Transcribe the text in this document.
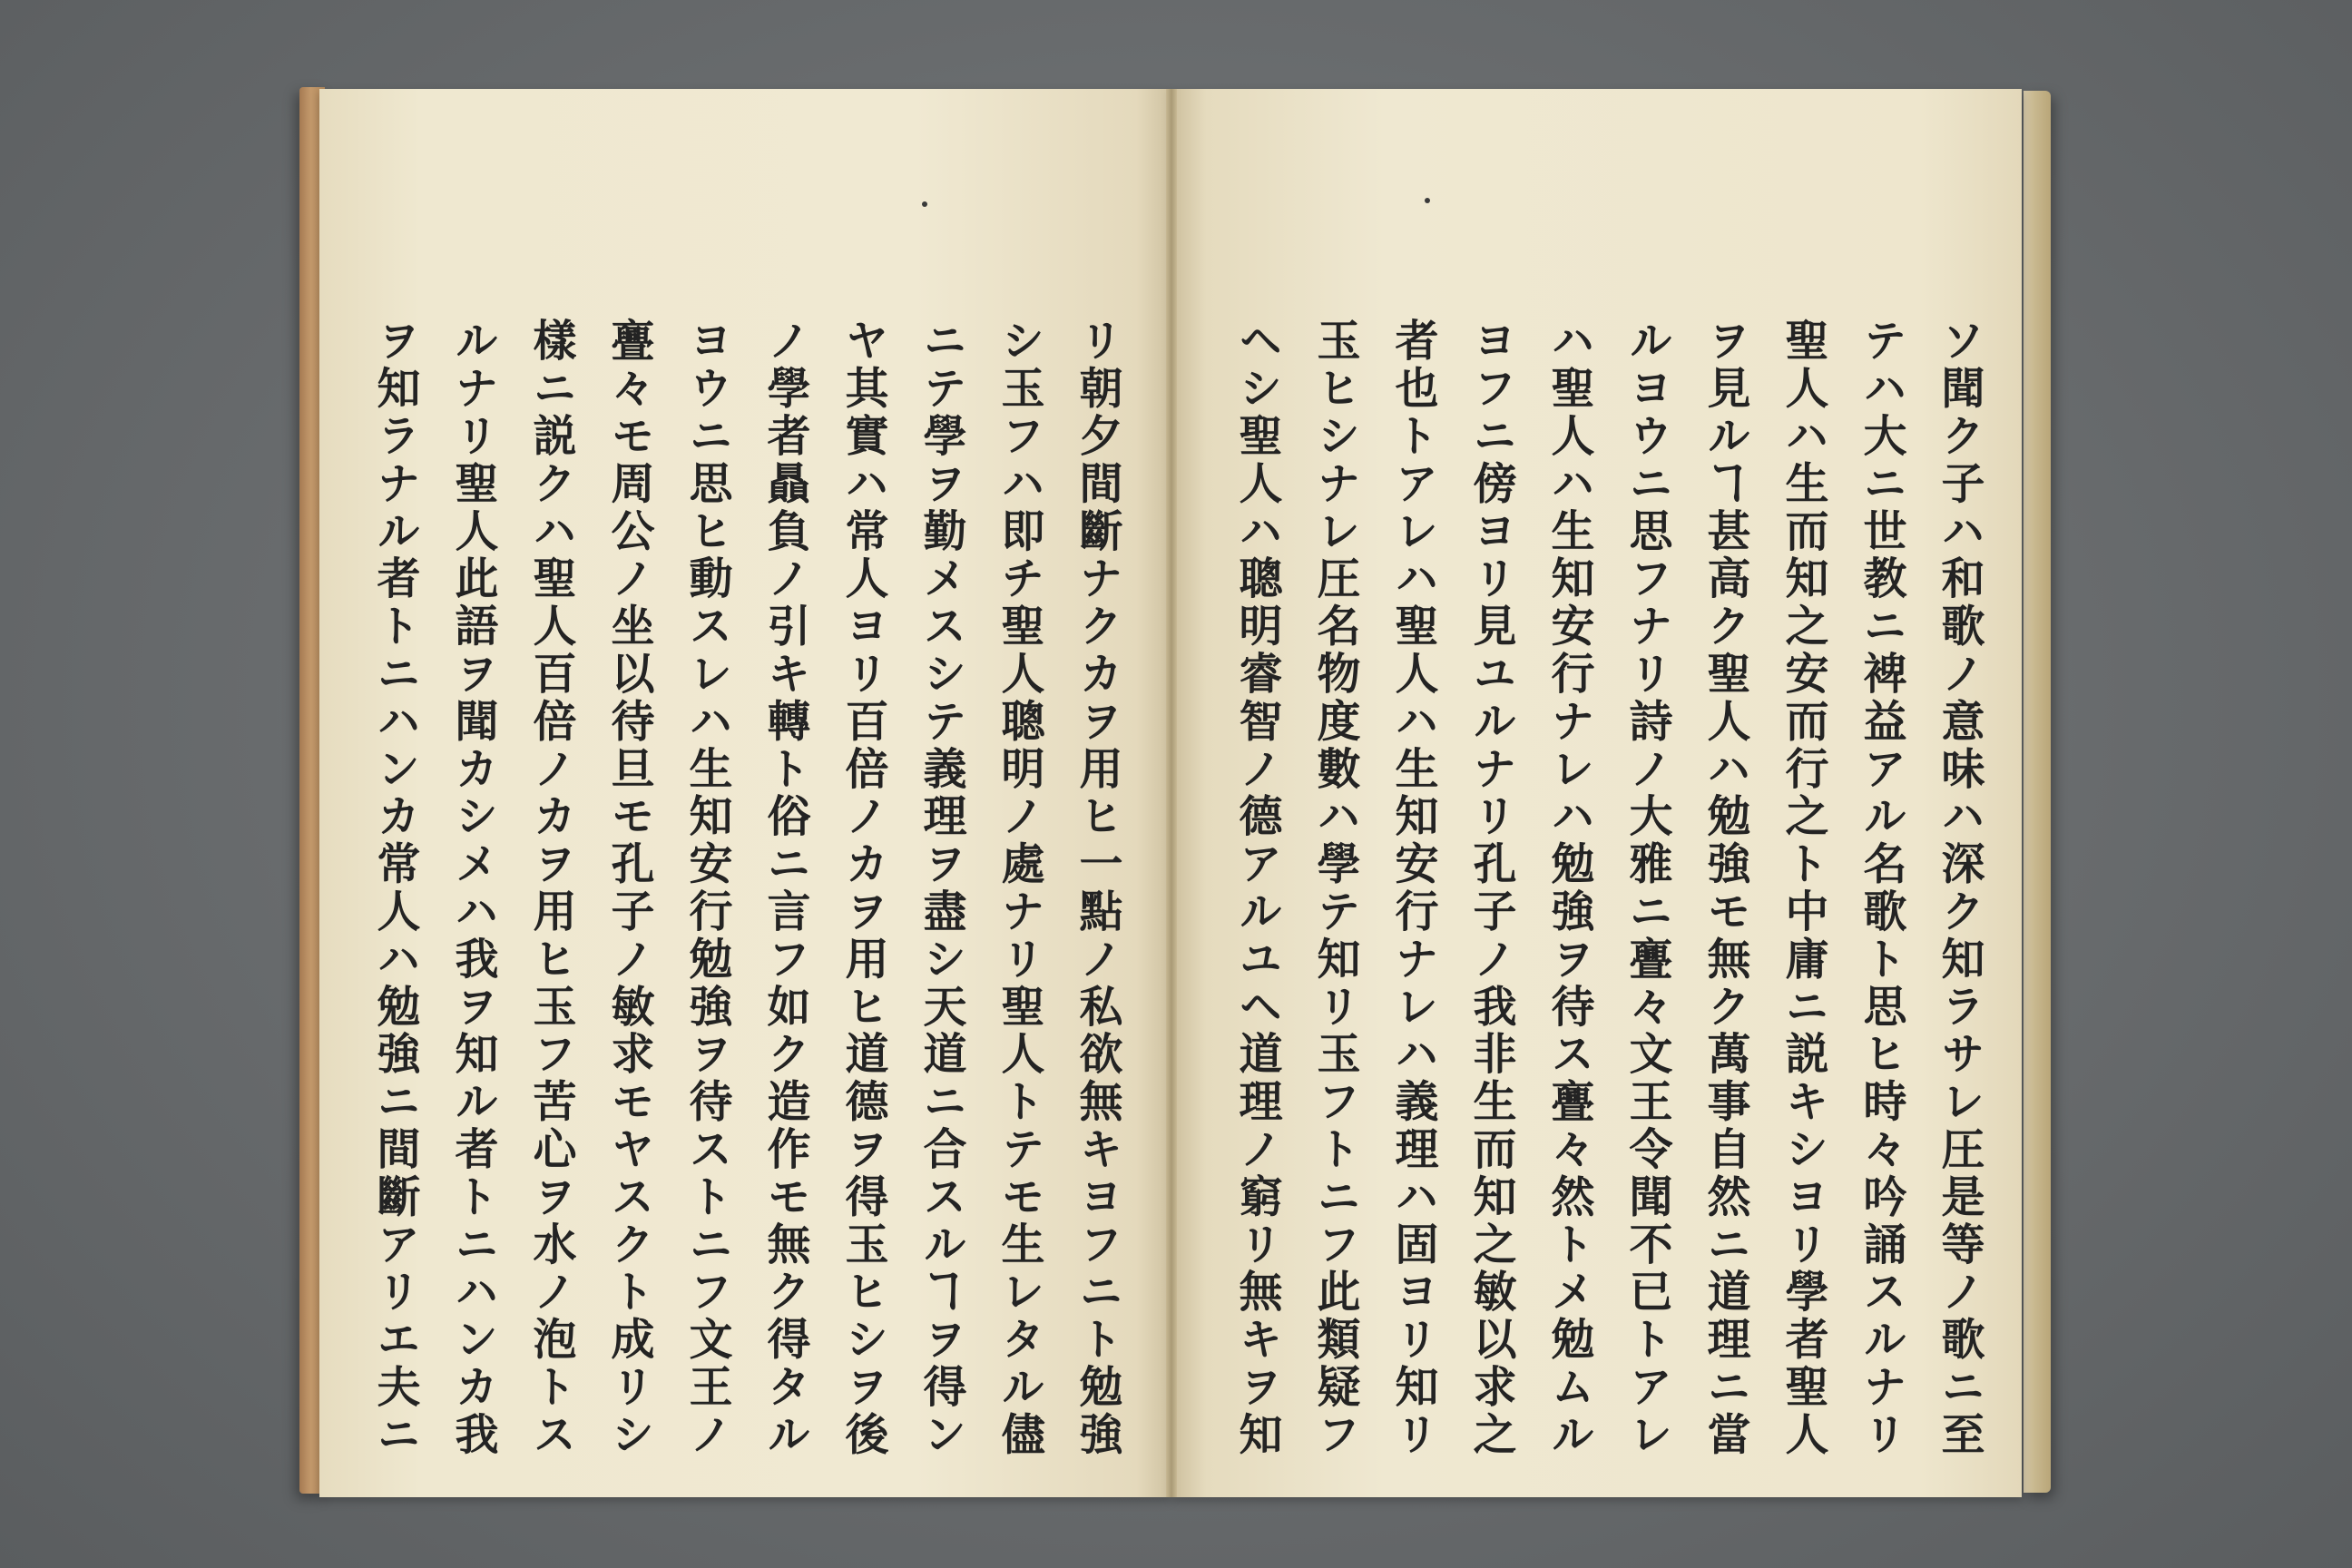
リ朝夕間斷ナクカヲ用ヒ一點ノ私欲無キヨフニト勉強
シ玉フハ即チ聖人聰明ノ處ナリ聖人トテモ生レタル儘
ニテ學ヲ勤メスシテ義理ヲ盡シ天道ニ合スルヿヲ得ン
ヤ其實ハ常人ヨリ百倍ノカヲ用ヒ道德ヲ得玉ヒシヲ後
ノ學者贔負ノ引キ轉ト俗ニ言フ如ク造作モ無ク得タル
ヨウニ思ヒ動スレハ生知安行勉強ヲ待ストニフ文王ノ
亹々モ周公ノ坐以待旦モ孔子ノ敏求モヤスクト成リシ
樣ニ説クハ聖人百倍ノカヲ用ヒ玉フ苦心ヲ水ノ泡トス
ルナリ聖人此語ヲ聞カシメハ我ヲ知ル者トニハンカ我
ヲ知ラナル者トニハンカ常人ハ勉強ニ間斷アリエ夫ニ	ソ聞ク子ハ和歌ノ意味ハ深ク知ラサレ圧是等ノ歌ニ至
テハ大ニ世教ニ裨益アル名歌ト思ヒ時々吟誦スルナリ
聖人ハ生而知之安而行之ト中庸ニ説キシヨリ學者聖人
ヲ見ルヿ甚高ク聖人ハ勉強モ無ク萬事自然ニ道理ニ當
ルヨウニ思フナリ詩ノ大雅ニ亹々文王令聞不已トアレ
ハ聖人ハ生知安行ナレハ勉強ヲ待ス亹々然トメ勉ムル
ヨフニ傍ヨリ見ユルナリ孔子ノ我非生而知之敏以求之
者也トアレハ聖人ハ生知安行ナレハ義理ハ固ヨリ知リ
玉ヒシナレ圧名物度數ハ學テ知リ玉フトニフ此類疑フ
ヘシ聖人ハ聰明睿智ノ德アルユヘ道理ノ窮リ無キヲ知
